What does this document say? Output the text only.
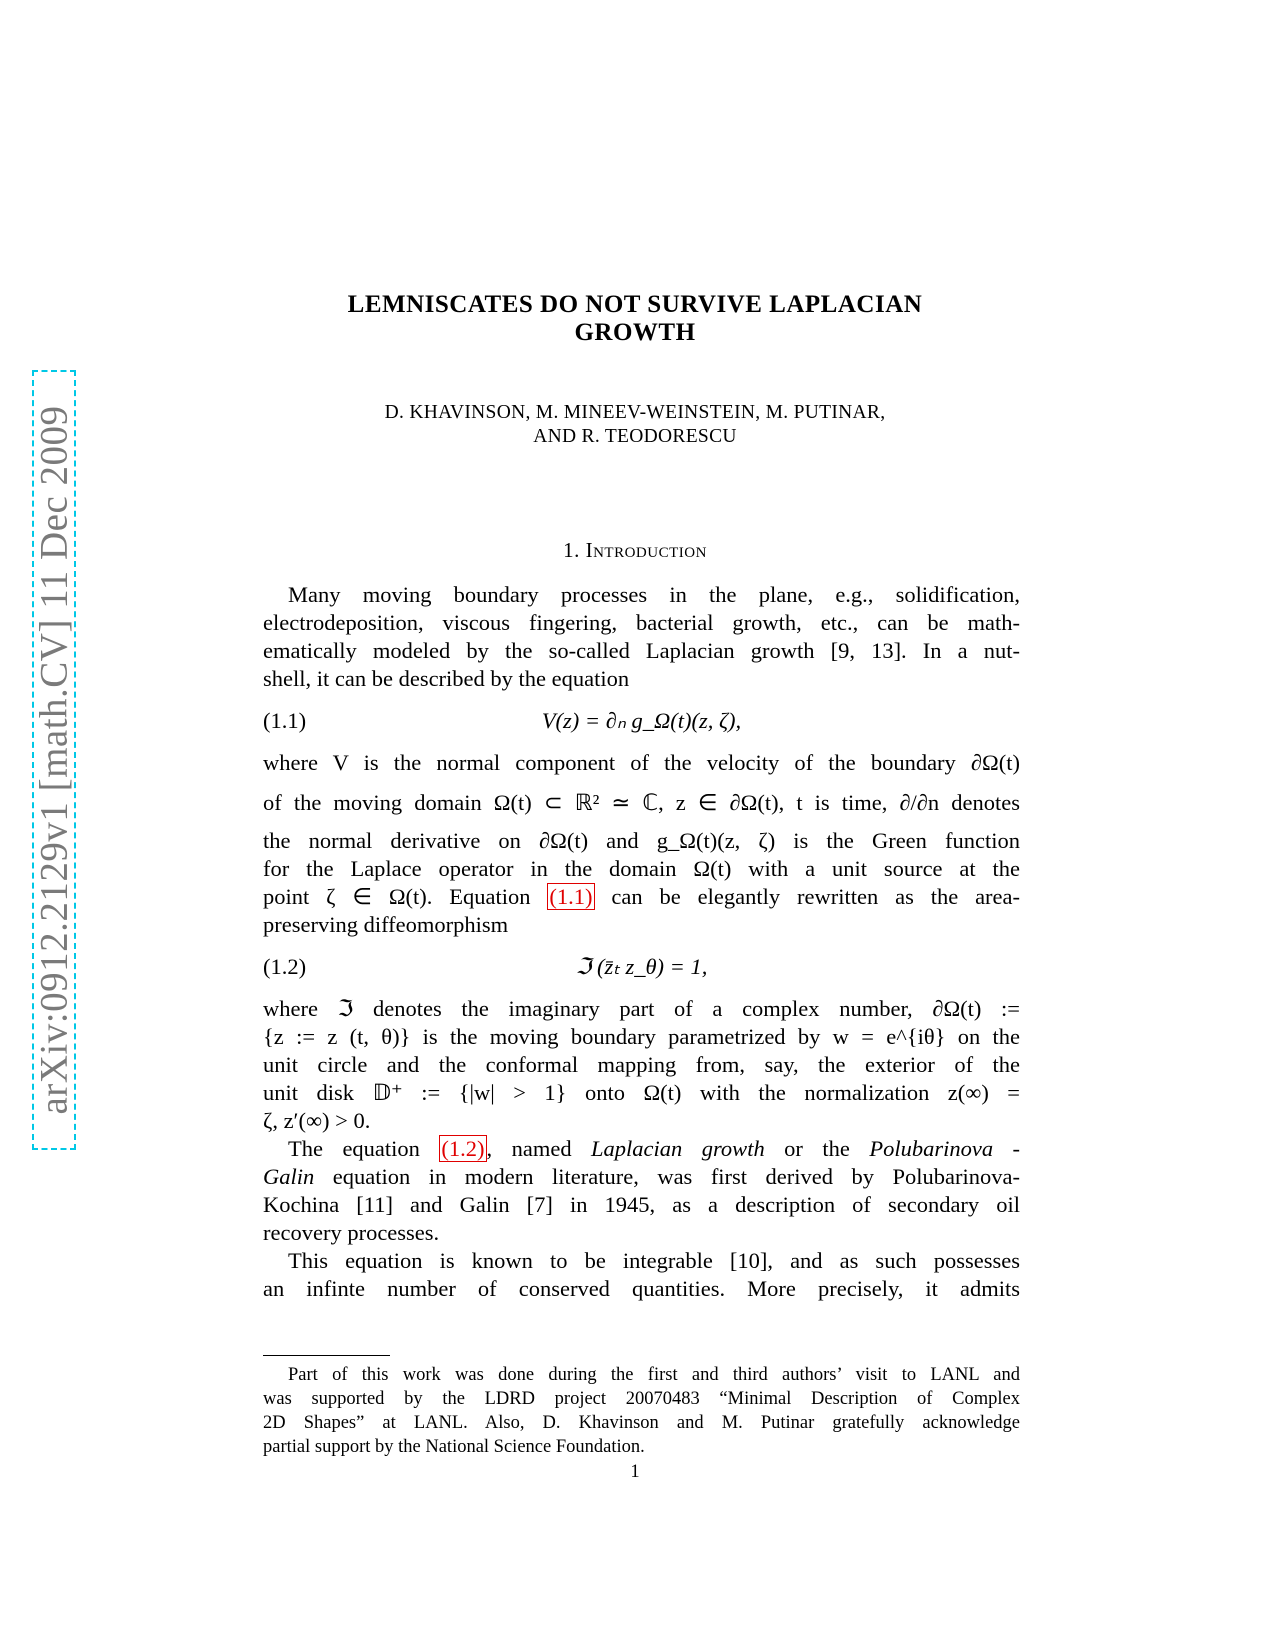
arXiv:0912.2129v1 [math.CV] 11 Dec 2009
LEMNISCATES DO NOT SURVIVE LAPLACIAN
GROWTH
D. KHAVINSON, M. MINEEV-WEINSTEIN, M. PUTINAR,
AND R. TEODORESCU
1. Introduction
Many moving boundary processes in the plane, e.g., solidification,
electrodeposition, viscous fingering, bacterial growth, etc., can be math-
ematically modeled by the so-called Laplacian growth [9, 13]. In a nut-
shell, it can be described by the equation
(1.1)	V(z) = ∂ₙ g_Ω(t)(z, ζ),
where V is the normal component of the velocity of the boundary ∂Ω(t)
of the moving domain Ω(t) ⊂ ℝ² ≃ ℂ, z ∈ ∂Ω(t), t is time, ∂/∂n denotes
the normal derivative on ∂Ω(t) and g_Ω(t)(z, ζ) is the Green function
for the Laplace operator in the domain Ω(t) with a unit source at the
point ζ ∈ Ω(t). Equation (1.1) can be elegantly rewritten as the area-
preserving diffeomorphism
(1.2)	ℑ (z̄ₜ z_θ) = 1,
where ℑ denotes the imaginary part of a complex number, ∂Ω(t) :=
{z := z (t, θ)} is the moving boundary parametrized by w = e^{iθ} on the
unit circle and the conformal mapping from, say, the exterior of the
unit disk 𝔻⁺ := {|w| > 1} onto Ω(t) with the normalization z(∞) =
ζ, z′(∞) > 0.
The equation (1.2), named Laplacian growth or the Polubarinova -
Galin equation in modern literature, was first derived by Polubarinova-
Kochina [11] and Galin [7] in 1945, as a description of secondary oil
recovery processes.
This equation is known to be integrable [10], and as such possesses
an infinte number of conserved quantities. More precisely, it admits
Part of this work was done during the first and third authors’ visit to LANL and
was supported by the LDRD project 20070483 “Minimal Description of Complex
2D Shapes” at LANL. Also, D. Khavinson and M. Putinar gratefully acknowledge
partial support by the National Science Foundation.
1
